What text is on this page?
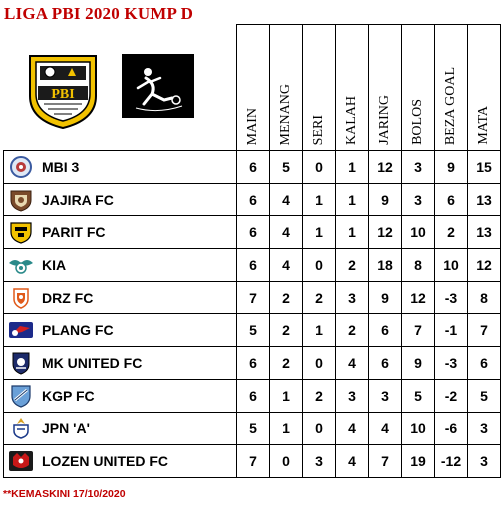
LIGA PBI 2020 KUMP D
PBI
	MAIN	MENANG	SERI	KALAH	JARING	BOLOS	BEZA GOAL	MATA

MBI 3	6	5	0	1	12	3	9	15

JAJIRA FC	6	4	1	1	9	3	6	13

PARIT FC	6	4	1	1	12	10	2	13

KIA	6	4	0	2	18	8	10	12

DRZ FC	7	2	2	3	9	12	-3	8

PLANG FC	5	2	1	2	6	7	-1	7

MK UNITED FC	6	2	0	4	6	9	-3	6

KGP FC	6	1	2	3	3	5	-2	5

JPN 'A'	5	1	0	4	4	10	-6	3

LOZEN UNITED FC	7	0	3	4	7	19	-12	3

**KEMASKINI 17/10/2020
